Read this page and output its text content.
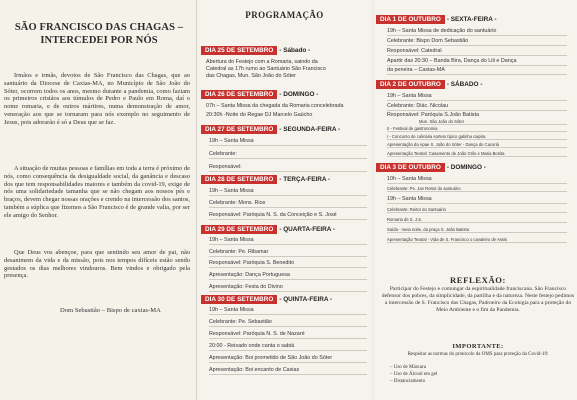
SÃO FRANCISCO DAS CHAGAS – INTERCEDEI POR NÓS
Irmãos e irmãs, devotos de São Francisco das Chagas, que ao santuário da Diocese de Caxias-MA, no Município de São João do Sóter, ocorrem todos os anos, mesmo durante a pandemia, como faziam os primeiros cristãos aos túmulos de Pedro e Paulo em Roma, daí o nome romaria, e de outros mártires, numa demonstração de amor, veneração aos que se tornaram para nós exemplo no seguimento de Jesus, pois adorarão é só a Deus que se faz.
A situação de muitas pessoas e famílias em toda a terra é próximo de nós, como consequência da desigualdade social, da ganância e descaso dos que tem responsabilidades maiores e também da covid-19, exige de nós uma solidariedade tamanha que se não chegam aos nossos pés e braços, devem chegar nossas orações e crendo na intercessão dos santos, também a súplica que fizemos a São Francisco é de grande valia, por ser ele amigo do Senhor.
Que Deus vos abençoe, para que sentindo seu amor de pai, não desanimem da vida e da missão, pois nos tempos difíceis estão sendo gestados os dias melhores vindouros. Bem vindos e obrigado pela presença.
Dom Sebastião – Bispo de caxias-MA
PROGRAMAÇÃO
DIA 25 DE SETEMBRO - Sábado -
Abertura do Festejo com a Romaria, saindo da
Catedral as 17h rumo ao Santuário São Francisco
das Chagas, Mun. São João do Sóter
DIA 26 DE SETEMBRO - DOMINGO -
07h – Santa Missa da chegada da Romaria concelebrada
20:30h -Noite do Regae DJ Marcelo Gaúcho
DIA 27 DE SETEMBRO - SEGUNDA-FEIRA -
19h – Santa Missa
Celebrante:
Responsável:
DIA 28 DE SETEMBRO - TERÇA-FEIRA -
19h – Santa Missa
Celebrante: Mons. Rios
Responsável: Paróquia N. S. da Conceição e S. José
DIA 29 DE SETEMBRO - QUARTA-FEIRA -
19h – Santa Missa
Celebrante: Pe. Ribamar
Responsável: Paróquia S. Benedito
Apresentação: Dança Portuguesa
Apresentação: Festa do Divino
DIA 30 DE SETEMBRO - QUINTA-FEIRA -
19h – Santa Missa
Celebrante: Pe. Sebastião
Responsável: Paróquia N. S. de Nazaré
20:00 - Reisado onde canta o sabiá
Apresentação: Boi prometido de São João do Sóter
Apresentação: Boi encanto de Caxias
DIA 1 DE OUTUBRO - SEXTA-FEIRA -
19h – Santa Missa de dedicação do santuário
Celebrante: Bispo Dom Sebastião
Responsável: Catedral
Apartir das 20:30 – Banda Bira, Dança do Lili e Dança
da peneira – Caxias-MA
DIA 2 DE OUTUBRO - SÁBADO -
19h – Santa Missa
Celebrante: Diác. Nicolau
Responsável: Paróquia S.João Batista
Mun. São João do Sóter
II - Festival de gastronomia
I - Concurso de culinária sorteio típico galinha caipira
Apresentação da Apae S. João do Sóter - Dança do Cacuriá
Apresentação Teatral: Casamento de João Grilo e Maria Bonita
DIA 3 DE OUTUBRO - DOMINGO -
10h – Santa Missa
Celebrante: Pe. Jan Reitor do santuário
19h – Santa Missa
Celebrante: Reitor do Santuário
Romaria de S. J.S.
Saída - meia noite, da praça S. João Batista
Apresentação Teatral - Vida de S. Francisco o cavaleiro de Assis
REFLEXÃO:
Participar do Festejo e comungar da espiritualidade franciscana. São Francisco defensor dos pobres, da simplicidade, da partilha e da natureza. Neste festejo pedimos a intercessão de S. Francisco das Chagas, Padroeiro da Ecologia para a proteção do Meio Ambiente e o fim da Pandemia.
IMPORTANTE:
Respeitar as normas do protocolo da OMS para proteção da Covid-19:
– Uso de Máscara
– Uso de Álcool em gel
– Distanciamento
